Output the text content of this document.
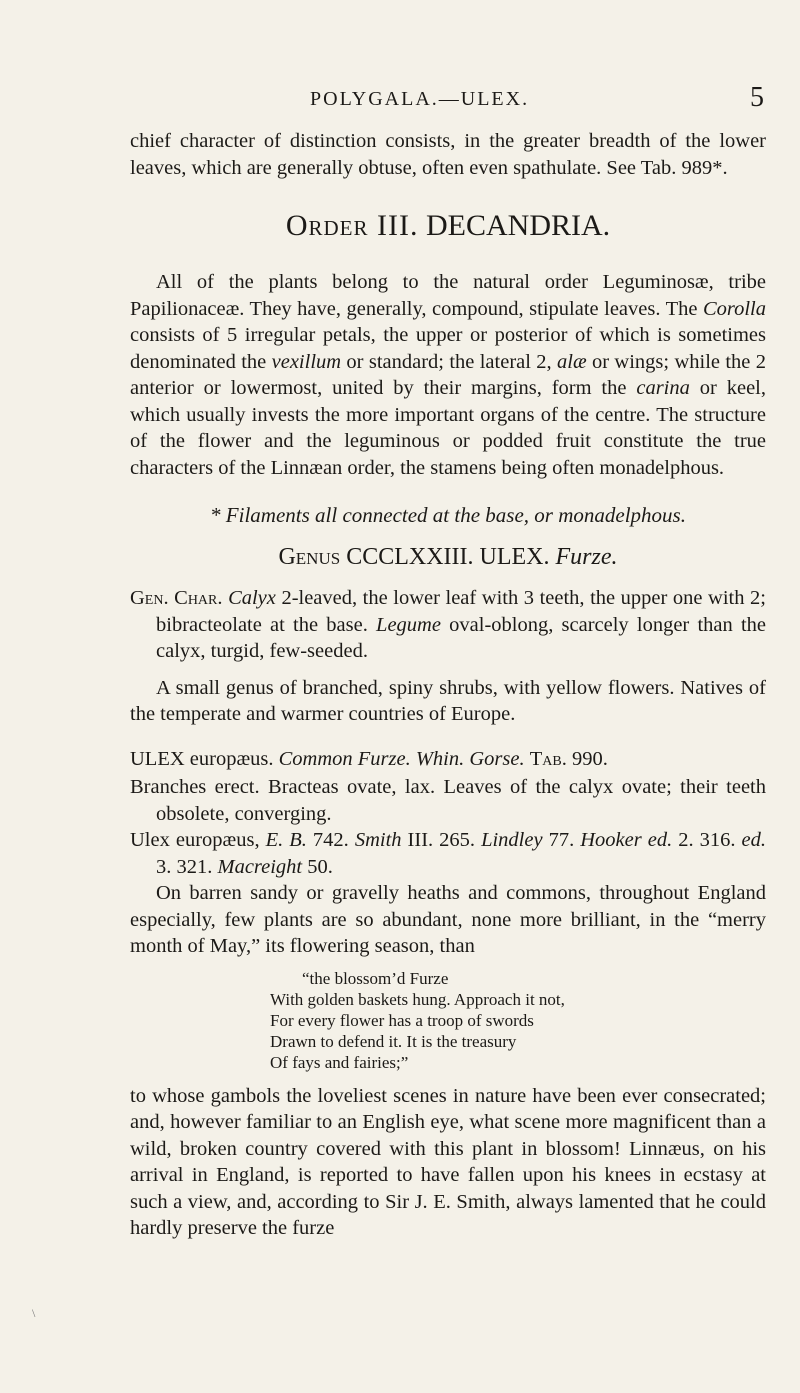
POLYGALA.—ULEX.	5

chief character of distinction consists, in the greater breadth of the lower leaves, which are generally obtuse, often even spathulate. See Tab. 989*.

Order III. DECANDRIA.

All of the plants belong to the natural order Leguminosæ, tribe Papilionaceæ. They have, generally, compound, stipulate leaves. The Corolla consists of 5 irregular petals, the upper or posterior of which is sometimes denominated the vexillum or standard; the lateral 2, alæ or wings; while the 2 anterior or lowermost, united by their margins, form the carina or keel, which usually invests the more important organs of the centre. The structure of the flower and the leguminous or podded fruit constitute the true characters of the Linnæan order, the stamens being often monadelphous.

* Filaments all connected at the base, or monadelphous.
Genus CCCLXXIII. ULEX. Furze.

Gen. Char. Calyx 2-leaved, the lower leaf with 3 teeth, the upper one with 2; bibracteolate at the base. Legume oval-oblong, scarcely longer than the calyx, turgid, few-seeded.

A small genus of branched, spiny shrubs, with yellow flowers. Natives of the temperate and warmer countries of Europe.

ULEX europæus. Common Furze. Whin. Gorse. Tab. 990.

Branches erect. Bracteas ovate, lax. Leaves of the calyx ovate; their teeth obsolete, converging.

Ulex europæus, E. B. 742. Smith III. 265. Lindley 77. Hooker ed. 2. 316. ed. 3. 321. Macreight 50.

On barren sandy or gravelly heaths and commons, throughout England especially, few plants are so abundant, none more brilliant, in the “merry month of May,” its flowering season, than

“the blossom’d Furze

With golden baskets hung. Approach it not,

For every flower has a troop of swords

Drawn to defend it. It is the treasury

Of fays and fairies;”

to whose gambols the loveliest scenes in nature have been ever consecrated; and, however familiar to an English eye, what scene more magnificent than a wild, broken country covered with this plant in blossom! Linnæus, on his arrival in England, is reported to have fallen upon his knees in ecstasy at such a view, and, according to Sir J. E. Smith, always lamented that he could hardly preserve the furze

\
